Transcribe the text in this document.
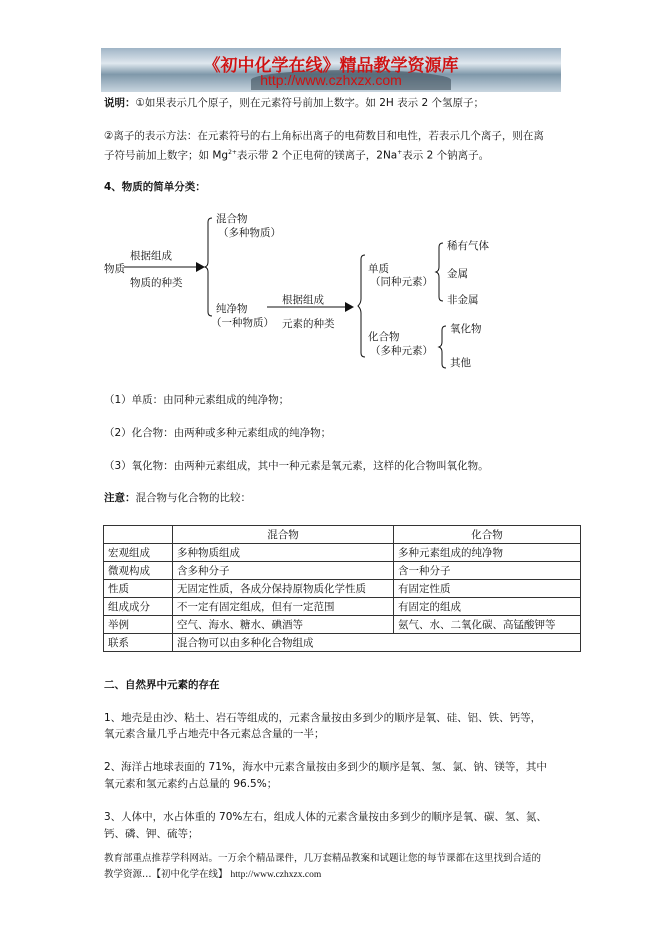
《初中化学在线》精品教学资源库
http://www.czhxzx.com
说明：①如果表示几个原子，则在元素符号前加上数字。如 2H 表示 2 个氢原子；
②离子的表示方法：在元素符号的右上角标出离子的电荷数目和电性，若表示几个离子，则在离
子符号前加上数字；如 $Mg^{2+}$表示带 2 个正电荷的镁离子，2Na+表示 2 个钠离子。
4、物质的简单分类：
物质
根据组成
物质的种类
混合物
（多种物质）
纯净物
（一种物质）
根据组成
元素的种类
单质
（同种元素）
化合物
（多种元素）
稀有气体
金属
非金属
氧化物
其他
（1）单质：由同种元素组成的纯净物；
（2）化合物：由两种或多种元素组成的纯净物；
（3）氧化物：由两种元素组成，其中一种元素是氧元素，这样的化合物叫氧化物。
注意：混合物与化合物的比较：
	混合物	化合物
宏观组成	多种物质组成	多种元素组成的纯净物
微观构成	含多种分子	含一种分子
性质	无固定性质，各成分保持原物质化学性质	有固定性质
组成成分	不一定有固定组成，但有一定范围	有固定的组成
举例	空气、海水、糖水、碘酒等	氨气、水、二氧化碳、高锰酸钾等
联系	混合物可以由多种化合物组成	
二、自然界中元素的存在
1、地壳是由沙、粘土、岩石等组成的，元素含量按由多到少的顺序是氧、硅、铝、铁、钙等，
氧元素含量几乎占地壳中各元素总含量的一半；
2、海洋占地球表面的 71%，海水中元素含量按由多到少的顺序是氧、氢、氯、钠、镁等，其中
氧元素和氢元素约占总量的 96.5%；
3、人体中，水占体重的 70%左右，组成人体的元素含量按由多到少的顺序是氧、碳、氢、氮、
钙、磷、钾、硫等；
教育部重点推荐学科网站。一万余个精品课件，几万套精品教案和试题让您的每节课都在这里找到合适的
教学资源…【初中化学在线】 http://www.czhxzx.com
